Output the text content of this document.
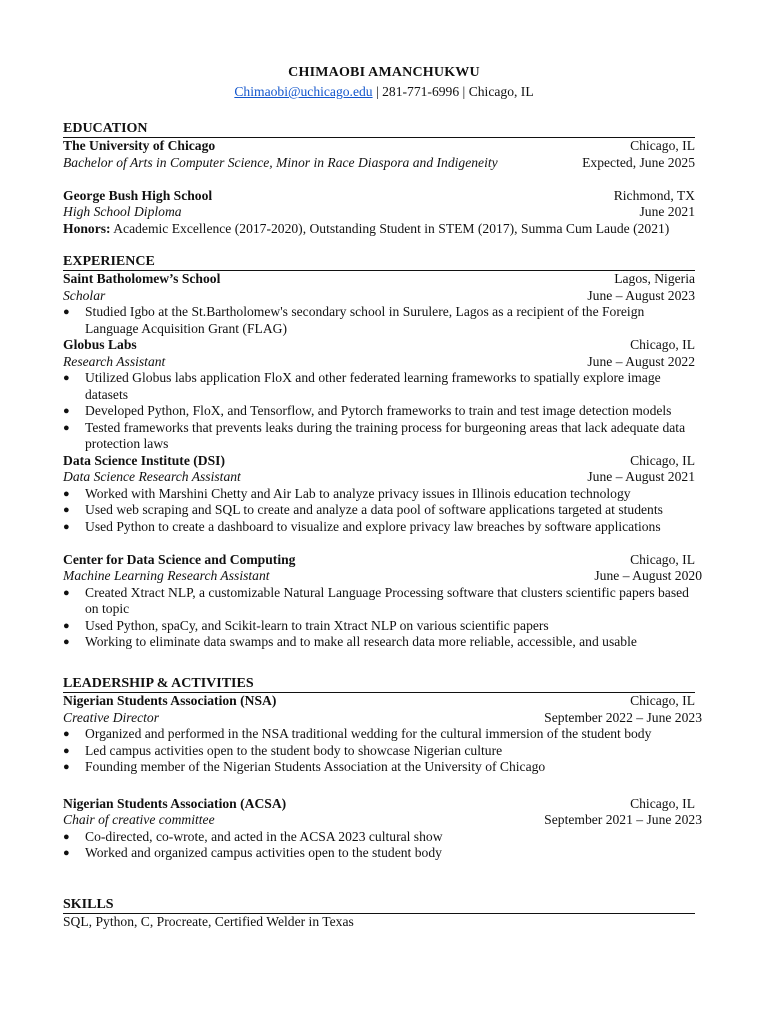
CHIMAOBI AMANCHUKWU
Chimaobi@uchicago.edu | 281-771-6996 | Chicago, IL
EDUCATION
The University of Chicago	Chicago, IL
Bachelor of Arts in Computer Science, Minor in Race Diaspora and Indigeneity	Expected, June 2025
George Bush High School	Richmond, TX
High School Diploma	June 2021
Honors: Academic Excellence (2017-2020), Outstanding Student in STEM (2017), Summa Cum Laude (2021)
EXPERIENCE
Saint Batholomew’s School	Lagos, Nigeria
Scholar	June – August 2023
● Studied Igbo at the St.Bartholomew's secondary school in Surulere, Lagos as a recipient of the Foreign Language Acquisition Grant (FLAG)
Globus Labs	Chicago, IL
Research Assistant	June – August 2022
● Utilized Globus labs application FloX and other federated learning frameworks to spatially explore image datasets
● Developed Python, FloX, and Tensorflow, and Pytorch frameworks to train and test image detection models
● Tested frameworks that prevents leaks during the training process for burgeoning areas that lack adequate data protection laws
Data Science Institute (DSI)	Chicago, IL
Data Science Research Assistant	June – August 2021
● Worked with Marshini Chetty and Air Lab to analyze privacy issues in Illinois education technology
● Used web scraping and SQL to create and analyze a data pool of software applications targeted at students
● Used Python to create a dashboard to visualize and explore privacy law breaches by software applications
Center for Data Science and Computing	Chicago, IL
Machine Learning Research Assistant	June – August 2020
● Created Xtract NLP, a customizable Natural Language Processing software that clusters scientific papers based on topic
● Used Python, spaCy, and Scikit-learn to train Xtract NLP on various scientific papers
● Working to eliminate data swamps and to make all research data more reliable, accessible, and usable
LEADERSHIP & ACTIVITIES
Nigerian Students Association (NSA)	Chicago, IL
Creative Director	September 2022 – June 2023
● Organized and performed in the NSA traditional wedding for the cultural immersion of the student body
● Led campus activities open to the student body to showcase Nigerian culture
● Founding member of the Nigerian Students Association at the University of Chicago
Nigerian Students Association (ACSA)	Chicago, IL
Chair of creative committee	September 2021 – June 2023
● Co-directed, co-wrote, and acted in the ACSA 2023 cultural show
● Worked and organized campus activities open to the student body
SKILLS
SQL, Python, C, Procreate, Certified Welder in Texas
